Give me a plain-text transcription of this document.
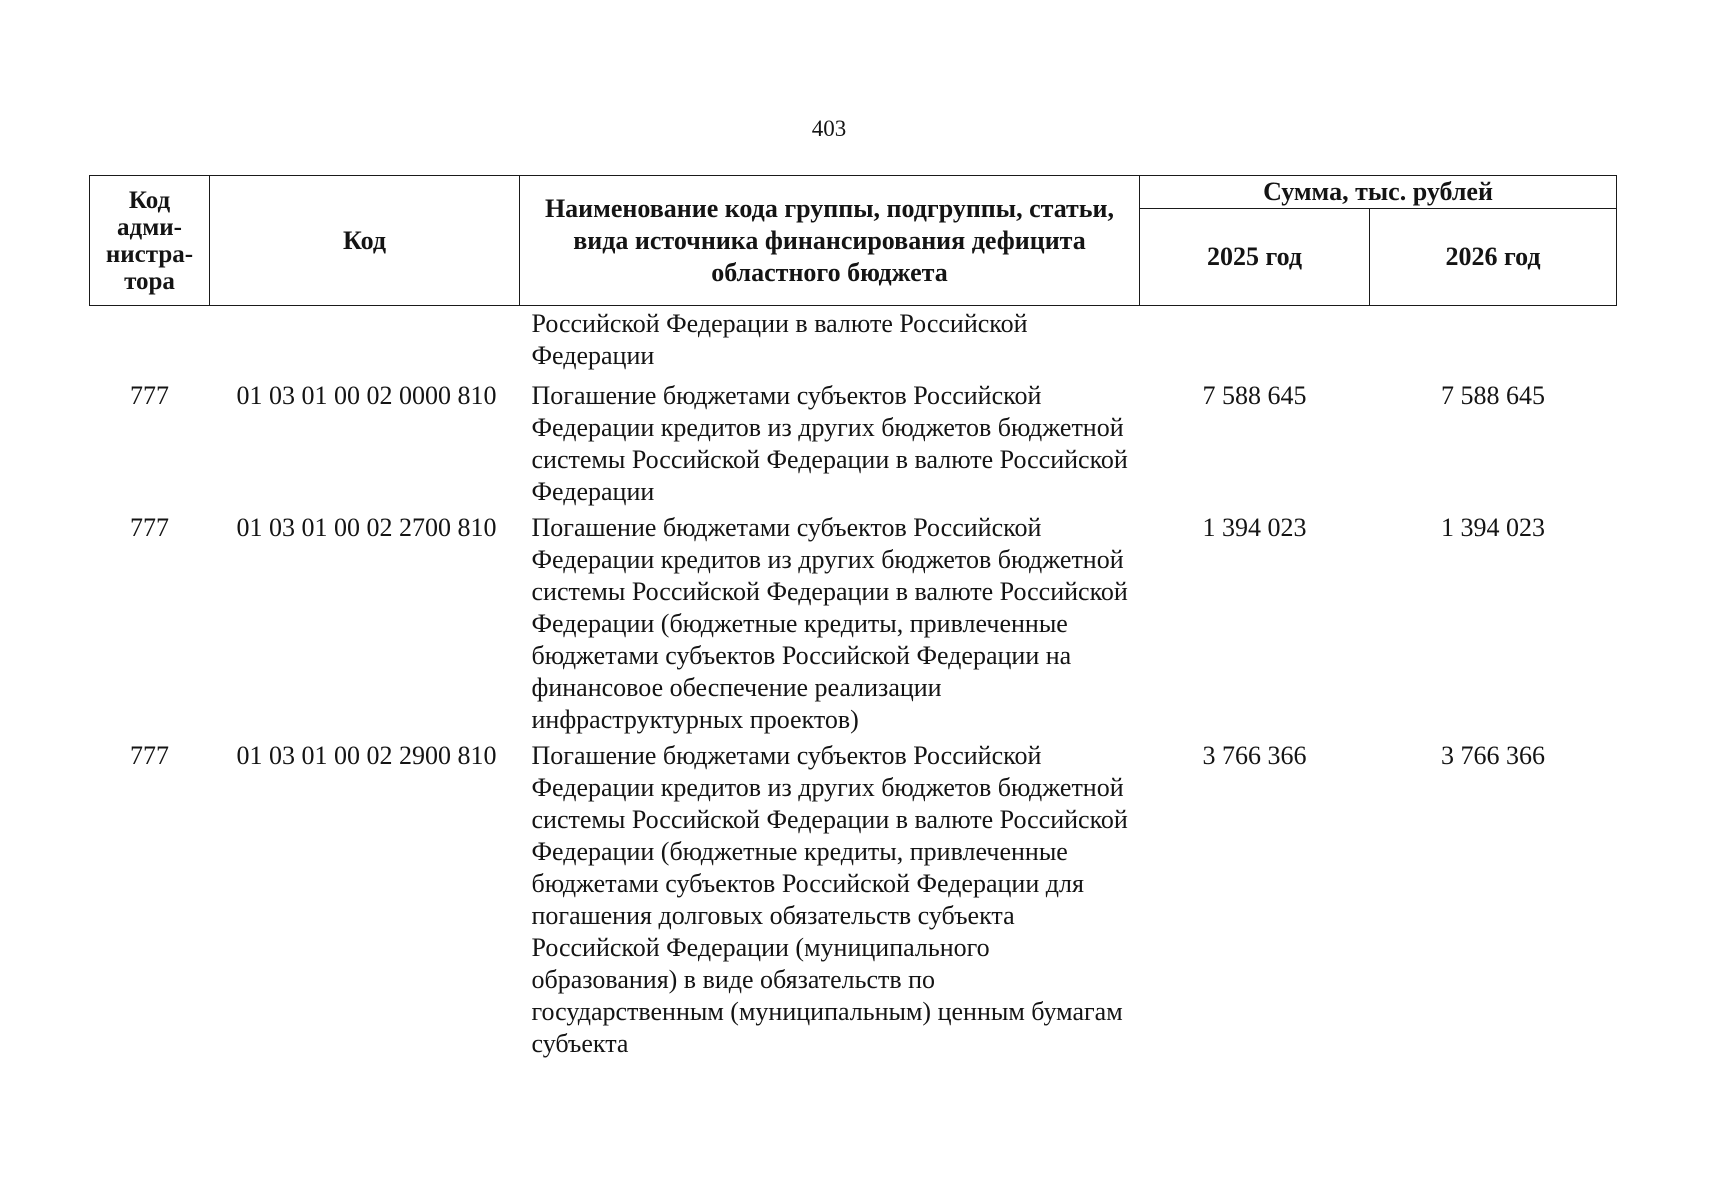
403
Код адми-нистра-тора	Код	Наименование кода группы, подгруппы, статьи, вида источника финансирования дефицита областного бюджета	Сумма, тыс. рублей	
			2025 год	2026 год
		Российской Федерации в валюте Российской Федерации		
777	01 03 01 00 02 0000 810	Погашение бюджетами субъектов Российской Федерации кредитов из других бюджетов бюджетной системы Российской Федерации в валюте Российской Федерации	7 588 645	7 588 645
777	01 03 01 00 02 2700 810	Погашение бюджетами субъектов Российской Федерации кредитов из других бюджетов бюджетной системы Российской Федерации в валюте Российской Федерации (бюджетные кредиты, привлеченные бюджетами субъектов Российской Федерации на финансовое обеспечение реализации инфраструктурных проектов)	1 394 023	1 394 023
777	01 03 01 00 02 2900 810	Погашение бюджетами субъектов Российской Федерации кредитов из других бюджетов бюджетной системы Российской Федерации в валюте Российской Федерации (бюджетные кредиты, привлеченные бюджетами субъектов Российской Федерации для погашения долговых обязательств субъекта Российской Федерации (муниципального образования) в виде обязательств по государственным (муниципальным) ценным бумагам субъекта	3 766 366	3 766 366
